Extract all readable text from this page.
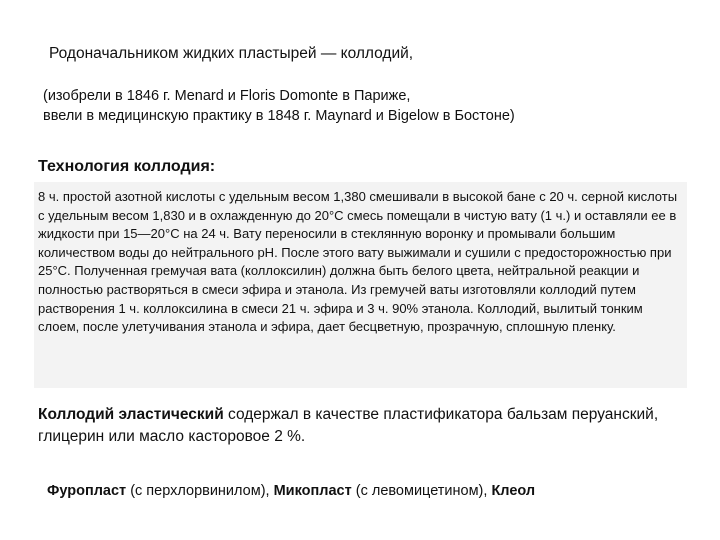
Родоначальником жидких пластырей — коллодий,
(изобрели в 1846 г. Menard и Floris Domonte в Париже,
ввели в медицинскую практику в 1848 г. Maynard и Bigelow в Бостоне)
Технология коллодия:

8 ч. простой азотной кислоты с удельным весом 1,380 смешивали в высокой бане с 20 ч. серной кислоты с удельным весом 1,830 и в охлажденную до 20°С смесь помещали в чистую вату (1 ч.) и оставляли ее в жидкости при 15—20°С на 24 ч. Вату переносили в стеклянную воронку и промывали большим количеством воды до нейтрального рН. После этого вату выжимали и сушили с предосторожностью при 25°С. Полученная гремучая вата (коллоксилин) должна быть белого цвета, нейтральной реакции и полностью растворяться в смеси эфира и этанола. Из гремучей ваты изготовляли коллодий путем растворения 1 ч. коллоксилина в смеси 21 ч. эфира и 3 ч. 90% этанола. Коллодий, вылитый тонким слоем, после улетучивания этанола и эфира, дает бесцветную, прозрачную, сплошную пленку.

Коллодий эластический содержал в качестве пластификатора бальзам перуанский, глицерин или масло касторовое 2 %.

Фуропласт (с перхлорвинилом), Микопласт (с левомицетином), Клеол
